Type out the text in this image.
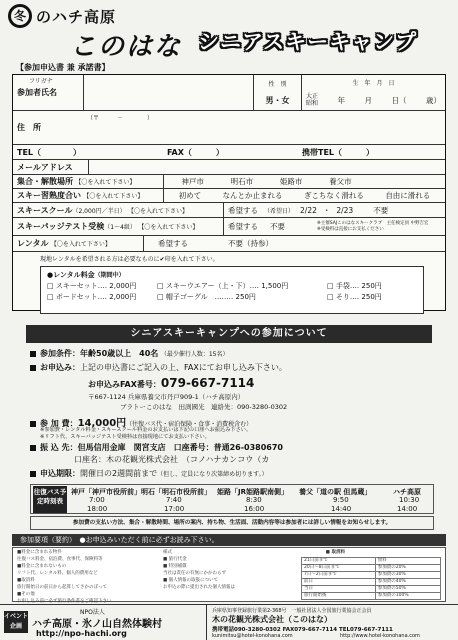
冬 のハチ高原
このはな シニアスキーキャンプ
【参加申込書 兼 承諾書】
フリガナ
参加者氏名
性　別
男・女
生　年　月　日
大正
昭和	年	月	日（	歳）
住　所
（〒　　　－　　　　）
TEL（　　　　）	FAX（　　　）	携帯TEL（　　　）
メールアドレス
集合・解散場所
【〇を入れて下さい】	神戸市	明石市	姫路市	養父市
スキー習熟度合い
【〇を入れて下さい】	初めて	なんとか止まれる	ぎこちなく滑れる	自由に滑れる
スキースクール （2,000円／半日）
【〇を入れて下さい】	希望する （希望日） 2/22 ・ 2/23	不要
スキーパッジテスト受検 （1〜4級）
【〇を入れて下さい】	希望する 不要	※主催SAJこのはなスキークラブ　主任検定員 中野吉宏
※受検料は直接にお支払ください
レンタル
【〇を入れて下さい】	希望する	不要（持参）
●レンタル料金（期間中）
□ スキーセット‥‥ 2,000円	□ スキーウエアー（上・下）‥‥ 1,500円	□ 手袋‥‥ 250円
□ ボードセット‥‥ 2,000円	□ 帽子ゴーグル　‥‥‥‥ 250円	□ そり‥‥ 250円
現地レンタルを希望される方は必要なものに✔印を入れて下さい。
シニアスキーキャンプへの参加について
参加条件：年齢50歳以上　40名 （最少催行人数：15名）
お申込み：上記の申込書にご記入の上、FAXにてお申し込み下さい。
お申込みFAX番号：079-667-7114
〒667-1124 兵庫県養父市丹戸909-1（ハチ高原内）
ブラトーこのはな　田渕國光　連絡先：090-3280-0302
参 加 費：14,000円（往復バス代・宿泊保険・食事・消費税含む）
※参加費・レンタル料金・スキースクール料金のお支払いは下記の口座へお振込み下さい。
※リフト代、スキーバッジテスト受検料は直接現地にてお支払い下さい。
振 込 先：但馬信用金庫　関宮支店　口座番号：普通26-0380670
口座名：木の花観光株式会社　（コノハナカンコウ（カ
申込期限：開催日の2週間前まで（但し、定員になり次第締め切ります。）
往復バス予定時刻表
神戸「神戸市役所前」 明石「明石市役所前」 姫路「JR姫路駅南側」 養父「道の駅 但馬蔵」	ハチ高原
7:00	7:40	8:30	9:50	10:30
18:00	17:00	16:00	14:40	14:00
参加費の支払い方法、集合・解散時間、場所の案内、持ち物、生活面、活動内容等は参加者には詳しい情報をお知らせします。
参加要項（要約）　●お申込みいただく前に必ずお読み下さい。

■料金に含まれる物件

往復バス料金、宿泊費、食事代、保険料等

■料金に含まれないもの

リフト代、レンタル料、個人的費用など

■取消料

旅行開始日の前日から起算してさかのぼって

■その他

お申し込み前に必ず旅行条件書をご確認下さい

様式

■ 旅行代金

■ 特別補償

当社は責任の有無にかかわらず

■ 個人情報の取扱について

お申込の際に提出された個人情報は

■ 取消料
21日前まで	無料
20日〜8日前まで	参加費の20%
7日〜2日前まで	参加費の30%
前日	参加費の40%
当日	参加費の50%
旅行開始後	参加費の100%
イベント企画
NPO法人
ハチ高原・氷ノ山自然体験村
http://npo-hachi.org
兵庫県知事登録旅行業第2-368号　一般社団法人全国旅行業協会正会員
木の花観光株式会社（このはな）
携帯電話090-3280-0302 FAX079-667-7114 TEL079-667-7111
kunimitsu@hotel-konohana.com	http://www.hotel-konohana.com
